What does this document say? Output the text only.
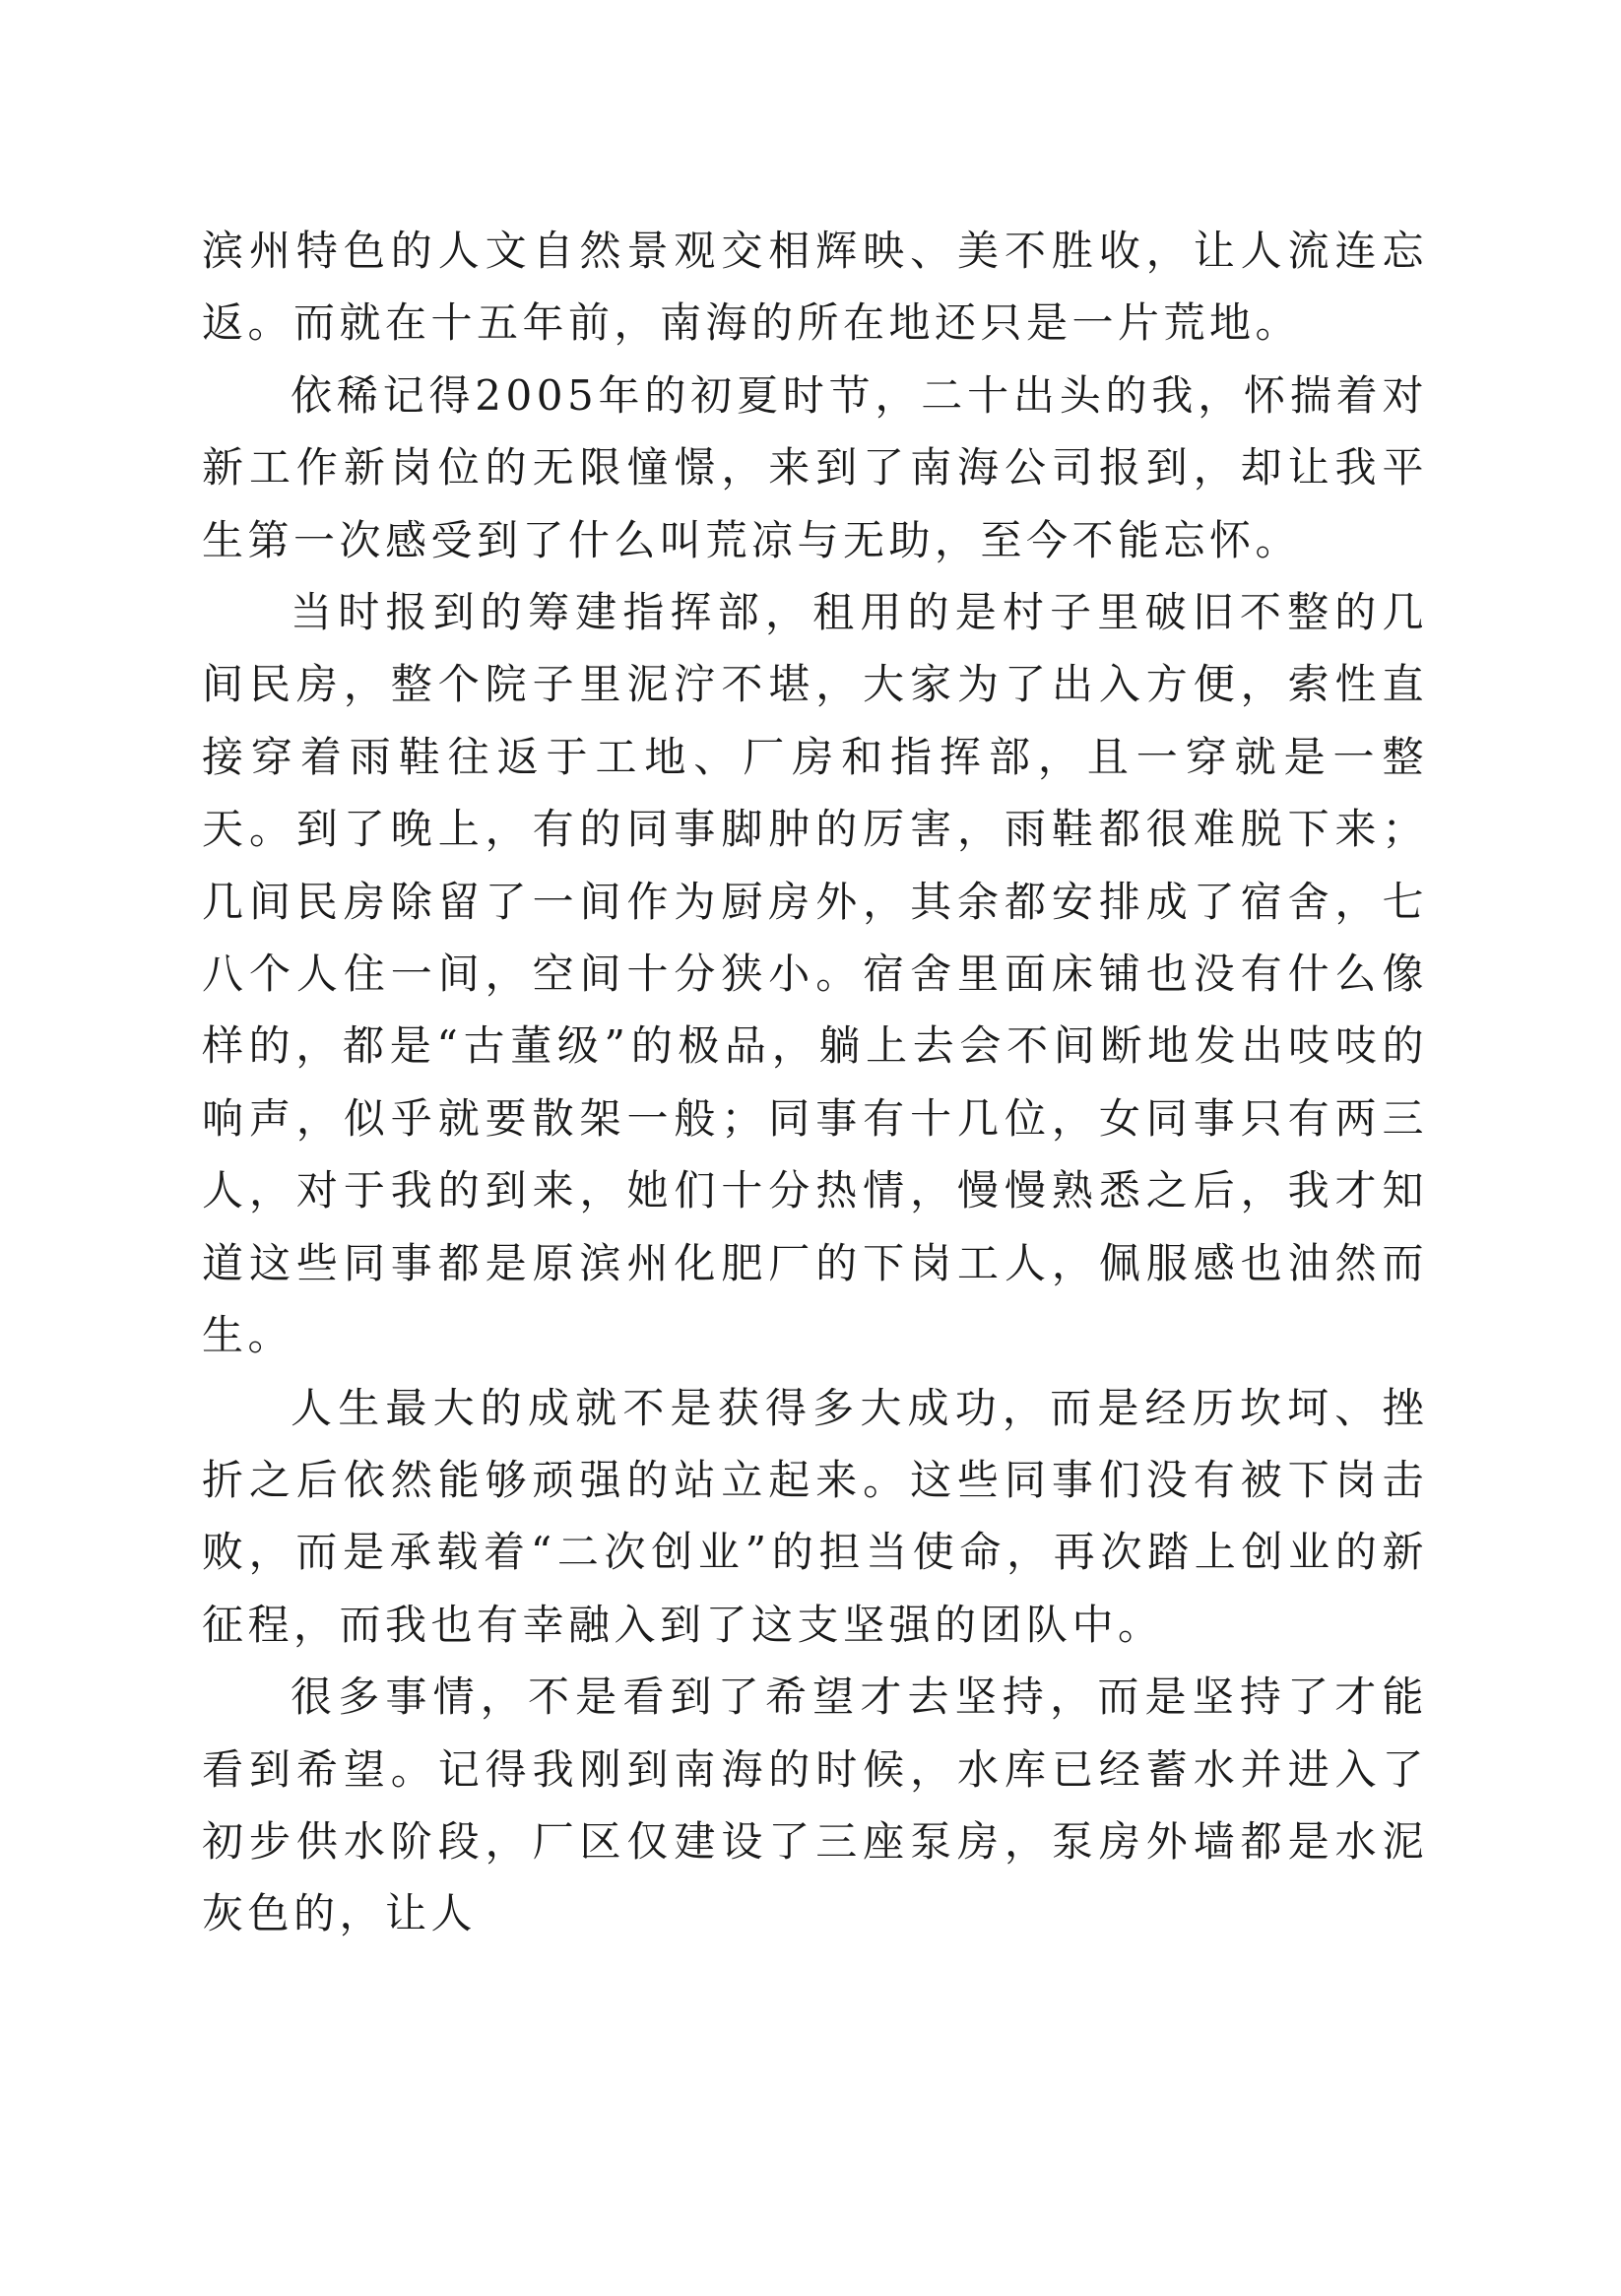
滨州特色的人文自然景观交相辉映、美不胜收，让人流连忘返。而就在十五年前，南海的所在地还只是一片荒地。

依稀记得2005年的初夏时节，二十出头的我，怀揣着对新工作新岗位的无限憧憬，来到了南海公司报到，却让我平生第一次感受到了什么叫荒凉与无助，至今不能忘怀。

当时报到的筹建指挥部，租用的是村子里破旧不整的几间民房，整个院子里泥泞不堪，大家为了出入方便，索性直接穿着雨鞋往返于工地、厂房和指挥部，且一穿就是一整天。到了晚上，有的同事脚肿的厉害，雨鞋都很难脱下来；几间民房除留了一间作为厨房外，其余都安排成了宿舍，七八个人住一间，空间十分狭小。宿舍里面床铺也没有什么像样的，都是“古董级”的极品，躺上去会不间断地发出吱吱的响声，似乎就要散架一般；同事有十几位，女同事只有两三人，对于我的到来，她们十分热情，慢慢熟悉之后，我才知道这些同事都是原滨州化肥厂的下岗工人，佩服感也油然而生。

人生最大的成就不是获得多大成功，而是经历坎坷、挫折之后依然能够顽强的站立起来。这些同事们没有被下岗击败，而是承载着“二次创业”的担当使命，再次踏上创业的新征程，而我也有幸融入到了这支坚强的团队中。

很多事情，不是看到了希望才去坚持，而是坚持了才能看到希望。记得我刚到南海的时候，水库已经蓄水并进入了初步供水阶段，厂区仅建设了三座泵房，泵房外墙都是水泥灰色的，让人
